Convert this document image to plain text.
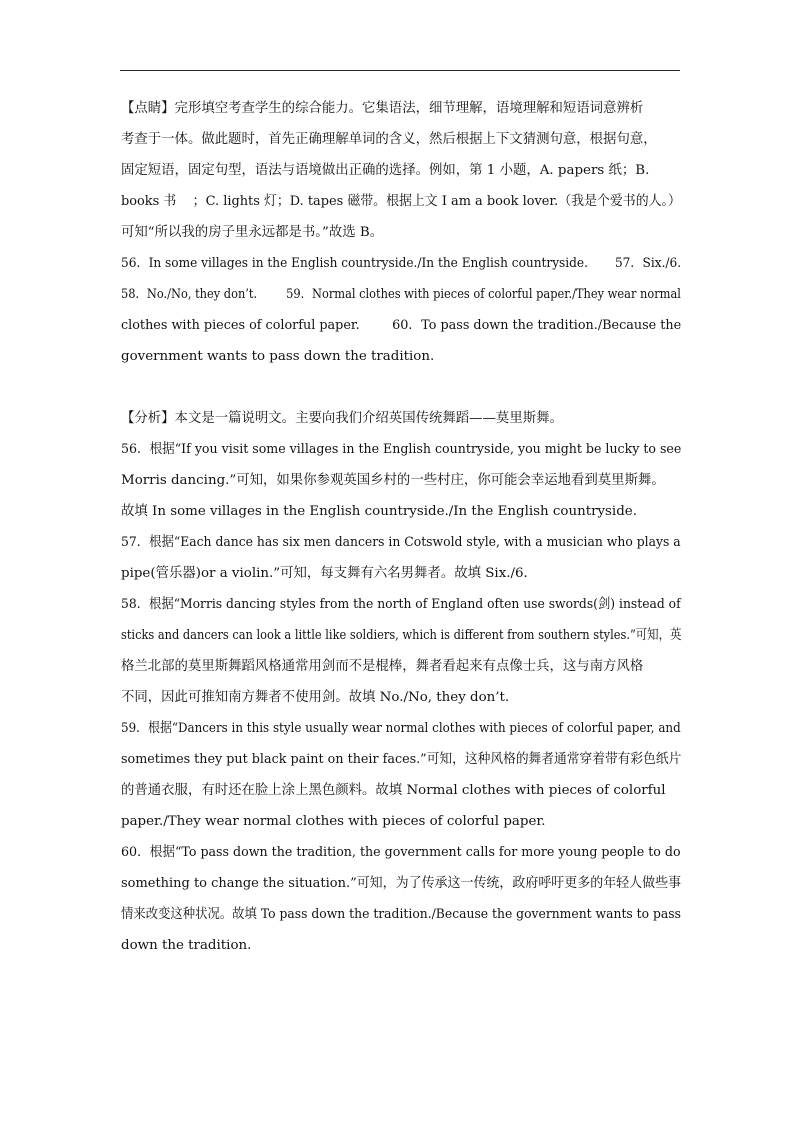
【点睛】完形填空考查学生的综合能力。它集语法，细节理解，语境理解和短语词意辨析
考查于一体。做此题时，首先正确理解单词的含义，然后根据上下文猜测句意，根据句意，
固定短语，固定句型，语法与语境做出正确的选择。例如，第 1 小题，A. papers 纸；B.
books 书    ；C. lights 灯；D. tapes 磁带。根据上文 I am a book lover.（我是个爱书的人。）
可知“所以我的房子里永远都是书。”故选 B。
56．In some villages in the English countryside./In the English countryside.       57．Six./6.
58．No./No, they don’t.        59．Normal clothes with pieces of colorful paper./They wear normal
clothes with pieces of colorful paper.        60．To pass down the tradition./Because the
government wants to pass down the tradition.
【分析】本文是一篇说明文。主要向我们介绍英国传统舞蹈——莫里斯舞。
56．根据“If you visit some villages in the English countryside, you might be lucky to see
Morris dancing.”可知，如果你参观英国乡村的一些村庄，你可能会幸运地看到莫里斯舞。
故填 In some villages in the English countryside./In the English countryside.
57．根据“Each dance has six men dancers in Cotswold style, with a musician who plays a
pipe(管乐器)or a violin.”可知，每支舞有六名男舞者。故填 Six./6.
58．根据“Morris dancing styles from the north of England often use swords(剑) instead of
sticks and dancers can look a little like soldiers, which is different from southern styles.”可知，英
格兰北部的莫里斯舞蹈风格通常用剑而不是棍棒，舞者看起来有点像士兵，这与南方风格
不同，因此可推知南方舞者不使用剑。故填 No./No, they don’t.
59．根据“Dancers in this style usually wear normal clothes with pieces of colorful paper, and
sometimes they put black paint on their faces.”可知，这种风格的舞者通常穿着带有彩色纸片
的普通衣服，有时还在脸上涂上黑色颜料。故填 Normal clothes with pieces of colorful
paper./They wear normal clothes with pieces of colorful paper.
60．根据“To pass down the tradition, the government calls for more young people to do
something to change the situation.”可知，为了传承这一传统，政府呼吁更多的年轻人做些事
情来改变这种状况。故填 To pass down the tradition./Because the government wants to pass
down the tradition.
